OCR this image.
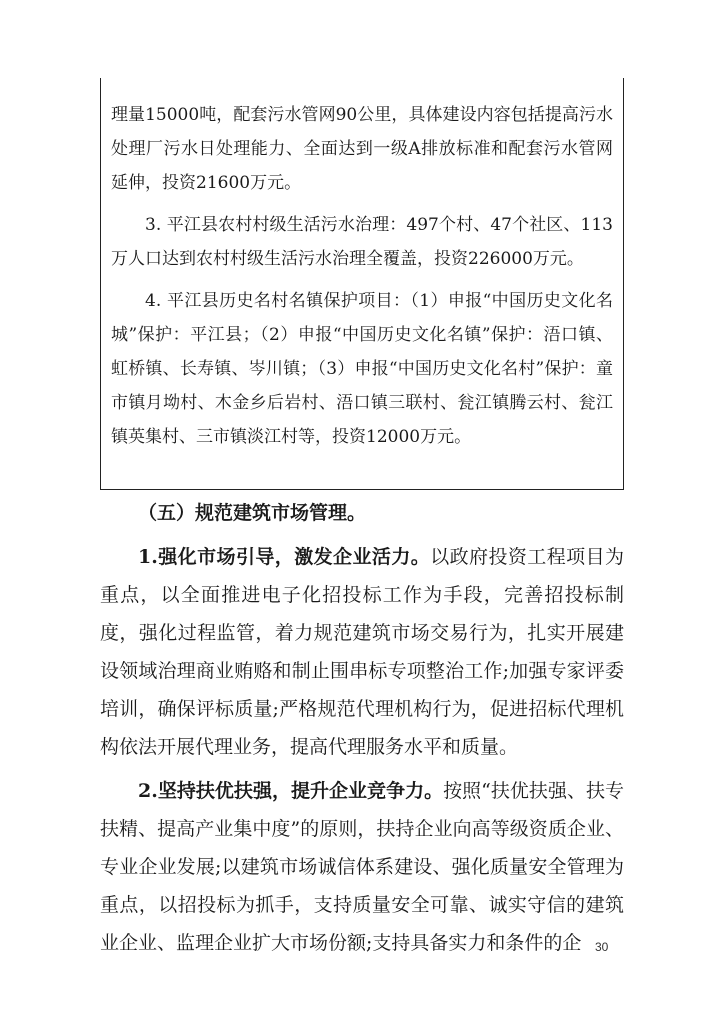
理量15000吨，配套污水管网90公里，具体建设内容包括提高污水处理厂污水日处理能力、全面达到一级A排放标准和配套污水管网延伸，投资21600万元。

3. 平江县农村村级生活污水治理：497个村、47个社区、113万人口达到农村村级生活污水治理全覆盖，投资226000万元。

4. 平江县历史名村名镇保护项目：（1）申报“中国历史文化名城”保护：平江县；（2）申报“中国历史文化名镇”保护：浯口镇、虹桥镇、长寿镇、岑川镇；（3）申报“中国历史文化名村”保护：童市镇月坳村、木金乡后岩村、浯口镇三联村、瓮江镇腾云村、瓮江镇英集村、三市镇淡江村等，投资12000万元。

（五）规范建筑市场管理。

1.强化市场引导，激发企业活力。以政府投资工程项目为重点，以全面推进电子化招投标工作为手段，完善招投标制度，强化过程监管，着力规范建筑市场交易行为，扎实开展建设领域治理商业贿赂和制止围串标专项整治工作;加强专家评委培训，确保评标质量;严格规范代理机构行为，促进招标代理机构依法开展代理业务，提高代理服务水平和质量。

2.坚持扶优扶强，提升企业竞争力。按照“扶优扶强、扶专扶精、提高产业集中度”的原则，扶持企业向高等级资质企业、专业企业发展;以建筑市场诚信体系建设、强化质量安全管理为重点，以招投标为抓手，支持质量安全可靠、诚实守信的建筑业企业、监理企业扩大市场份额;支持具备实力和条件的企	30
